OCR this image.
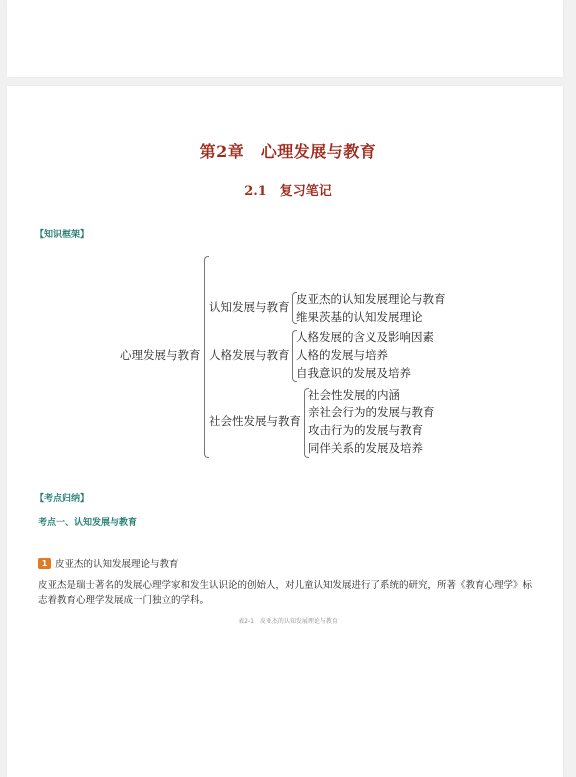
第2章　心理发展与教育
2.1　复习笔记
【知识框架】
心理发展与教育
认知发展与教育
皮亚杰的认知发展理论与教育
维果茨基的认知发展理论
人格发展与教育
人格发展的含义及影响因素
人格的发展与培养
自我意识的发展及培养
社会性发展与教育
社会性发展的内涵
亲社会行为的发展与教育
攻击行为的发展与教育
同伴关系的发展及培养
【考点归纳】
考点一、认知发展与教育
1 皮亚杰的认知发展理论与教育
皮亚杰是瑞士著名的发展心理学家和发生认识论的创始人，对儿童认知发展进行了系统的研究，所著《教育心理学》标志着教育心理学发展成一门独立的学科。
表2-1　皮亚杰的认知发展理论与教育
